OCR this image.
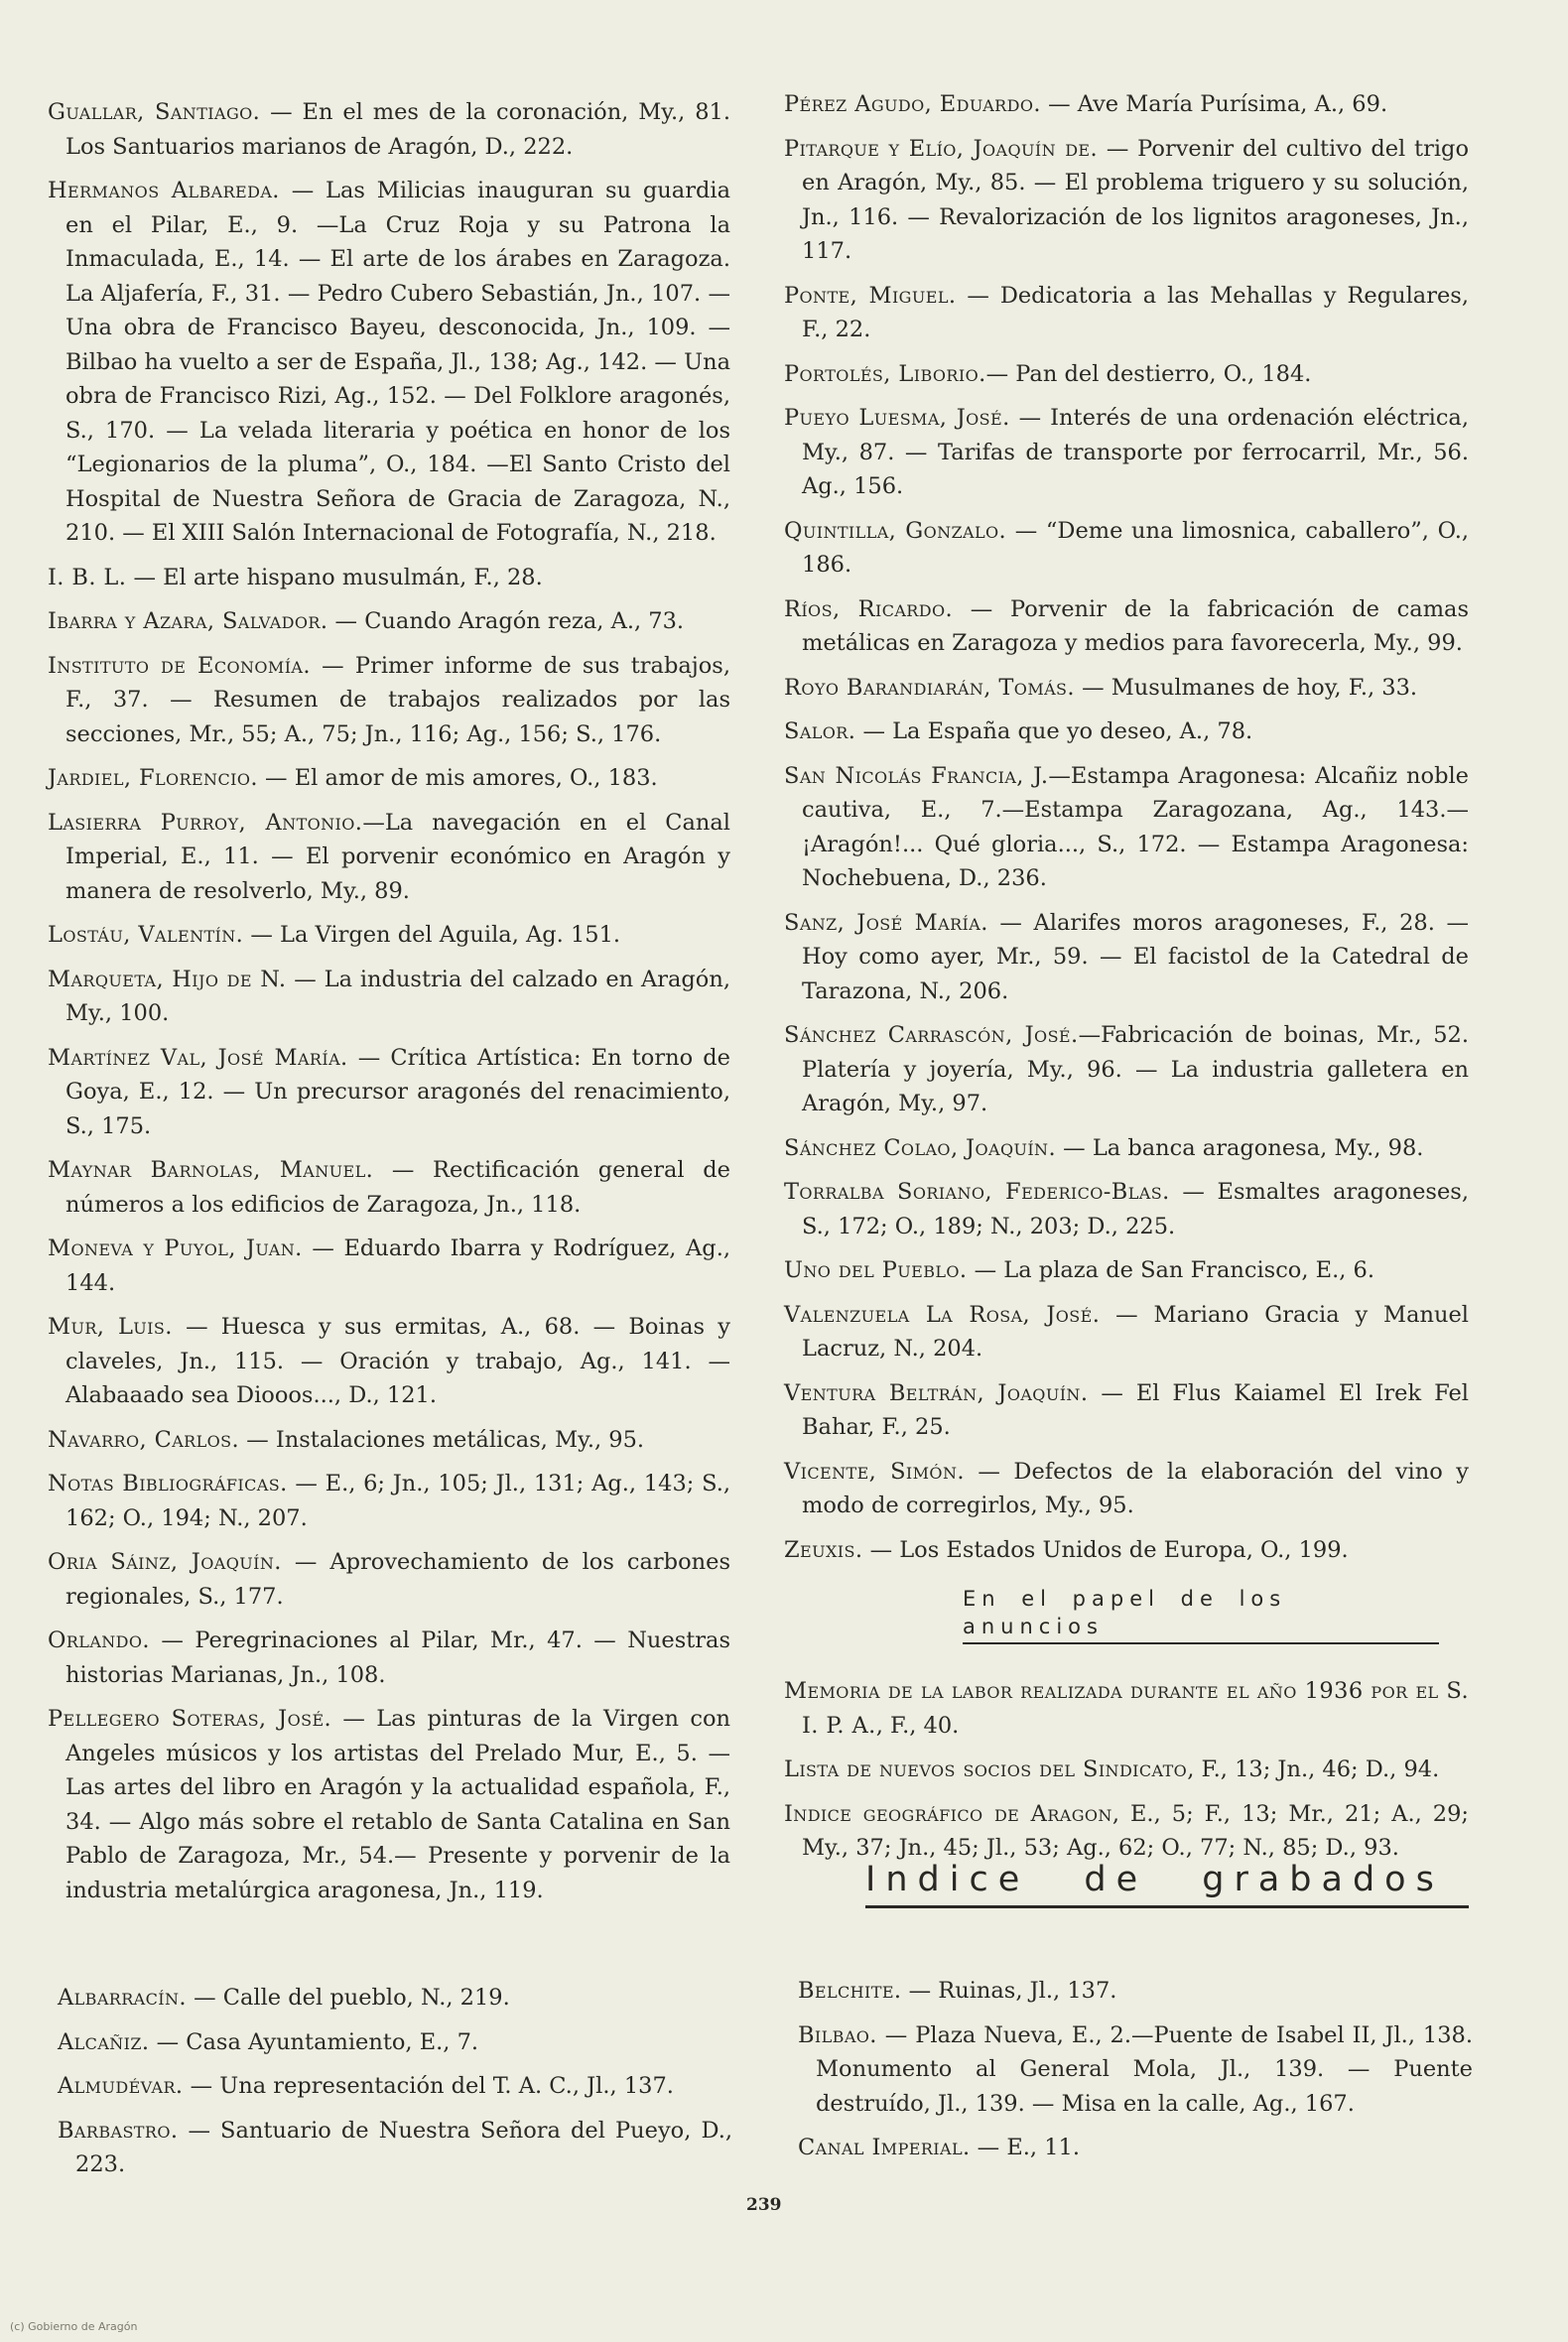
Guallar, Santiago. — En el mes de la coronación, My., 81. Los Santuarios marianos de Aragón, D., 222.

Hermanos Albareda. — Las Milicias inauguran su guardia en el Pilar, E., 9. —La Cruz Roja y su Patrona la Inmaculada, E., 14. — El arte de los árabes en Zaragoza. La Aljafería, F., 31. — Pedro Cubero Sebastián, Jn., 107. — Una obra de Francisco Bayeu, desconocida, Jn., 109. — Bilbao ha vuelto a ser de España, Jl., 138; Ag., 142. — Una obra de Francisco Rizi, Ag., 152. — Del Folklore aragonés, S., 170. — La velada literaria y poética en honor de los “Legionarios de la pluma”, O., 184. —El Santo Cristo del Hospital de Nuestra Señora de Gracia de Zaragoza, N., 210. — El XIII Salón Internacional de Fotografía, N., 218.

I. B. L. — El arte hispano musulmán, F., 28.

Ibarra y Azara, Salvador. — Cuando Aragón reza, A., 73.

Instituto de Economía. — Primer informe de sus trabajos, F., 37. — Resumen de trabajos realizados por las secciones, Mr., 55; A., 75; Jn., 116; Ag., 156; S., 176.

Jardiel, Florencio. — El amor de mis amores, O., 183.

Lasierra Purroy, Antonio.—La navegación en el Canal Imperial, E., 11. — El porvenir económico en Aragón y manera de resolverlo, My., 89.

Lostáu, Valentín. — La Virgen del Aguila, Ag. 151.

Marqueta, Hijo de N. — La industria del calzado en Aragón, My., 100.

Martínez Val, José María. — Crítica Artística: En torno de Goya, E., 12. — Un precursor aragonés del renacimiento, S., 175.

Maynar Barnolas, Manuel. — Rectificación general de números a los edificios de Zaragoza, Jn., 118.

Moneva y Puyol, Juan. — Eduardo Ibarra y Rodríguez, Ag., 144.

Mur, Luis. — Huesca y sus ermitas, A., 68. — Boinas y claveles, Jn., 115. — Oración y trabajo, Ag., 141. — Alabaaado sea Diooos..., D., 121.

Navarro, Carlos. — Instalaciones metálicas, My., 95.

Notas Bibliográficas. — E., 6; Jn., 105; Jl., 131; Ag., 143; S., 162; O., 194; N., 207.

Oria Sáinz, Joaquín. — Aprovechamiento de los carbones regionales, S., 177.

Orlando. — Peregrinaciones al Pilar, Mr., 47. — Nuestras historias Marianas, Jn., 108.

Pellegero Soteras, José. — Las pinturas de la Virgen con Angeles músicos y los artistas del Prelado Mur, E., 5. — Las artes del libro en Aragón y la actualidad española, F., 34. — Algo más sobre el retablo de Santa Catalina en San Pablo de Zaragoza, Mr., 54.— Presente y porvenir de la industria metalúrgica aragonesa, Jn., 119.

Pérez Agudo, Eduardo. — Ave María Purísima, A., 69.

Pitarque y Elío, Joaquín de. — Porvenir del cultivo del trigo en Aragón, My., 85. — El problema triguero y su solución, Jn., 116. — Revalorización de los lignitos aragoneses, Jn., 117.

Ponte, Miguel. — Dedicatoria a las Mehallas y Regulares, F., 22.

Portolés, Liborio.— Pan del destierro, O., 184.

Pueyo Luesma, José. — Interés de una ordenación eléctrica, My., 87. — Tarifas de transporte por ferrocarril, Mr., 56. Ag., 156.

Quintilla, Gonzalo. — “Deme una limosnica, caballero”, O., 186.

Ríos, Ricardo. — Porvenir de la fabricación de camas metálicas en Zaragoza y medios para favorecerla, My., 99.

Royo Barandiarán, Tomás. — Musulmanes de hoy, F., 33.

Salor. — La España que yo deseo, A., 78.

San Nicolás Francia, J.—Estampa Aragonesa: Alcañiz noble cautiva, E., 7.—Estampa Zaragozana, Ag., 143.—¡Aragón!... Qué gloria..., S., 172. — Estampa Aragonesa: Nochebuena, D., 236.

Sanz, José María. — Alarifes moros aragoneses, F., 28. — Hoy como ayer, Mr., 59. — El facistol de la Catedral de Tarazona, N., 206.

Sánchez Carrascón, José.—Fabricación de boinas, Mr., 52. Platería y joyería, My., 96. — La industria galletera en Aragón, My., 97.

Sánchez Colao, Joaquín. — La banca aragonesa, My., 98.

Torralba Soriano, Federico-Blas. — Esmaltes aragoneses, S., 172; O., 189; N., 203; D., 225.

Uno del Pueblo. — La plaza de San Francisco, E., 6.

Valenzuela La Rosa, José. — Mariano Gracia y Manuel Lacruz, N., 204.

Ventura Beltrán, Joaquín. — El Flus Kaiamel El Irek Fel Bahar, F., 25.

Vicente, Simón. — Defectos de la elaboración del vino y modo de corregirlos, My., 95.

Zeuxis. — Los Estados Unidos de Europa, O., 199.

En el papel de los anuncios

Memoria de la labor realizada durante el año 1936 por el S. I. P. A., F., 40.

Lista de nuevos socios del Sindicato, F., 13; Jn., 46; D., 94.

Indice geográfico de Aragon, E., 5; F., 13; Mr., 21; A., 29; My., 37; Jn., 45; Jl., 53; Ag., 62; O., 77; N., 85; D., 93.

Indice de grabados

Albarracín. — Calle del pueblo, N., 219.

Alcañiz. — Casa Ayuntamiento, E., 7.

Almudévar. — Una representación del T. A. C., Jl., 137.

Barbastro. — Santuario de Nuestra Señora del Pueyo, D., 223.

Belchite. — Ruinas, Jl., 137.

Bilbao. — Plaza Nueva, E., 2.—Puente de Isabel II, Jl., 138. Monumento al General Mola, Jl., 139. — Puente destruído, Jl., 139. — Misa en la calle, Ag., 167.

Canal Imperial. — E., 11.

239
(c) Gobierno de Aragón
